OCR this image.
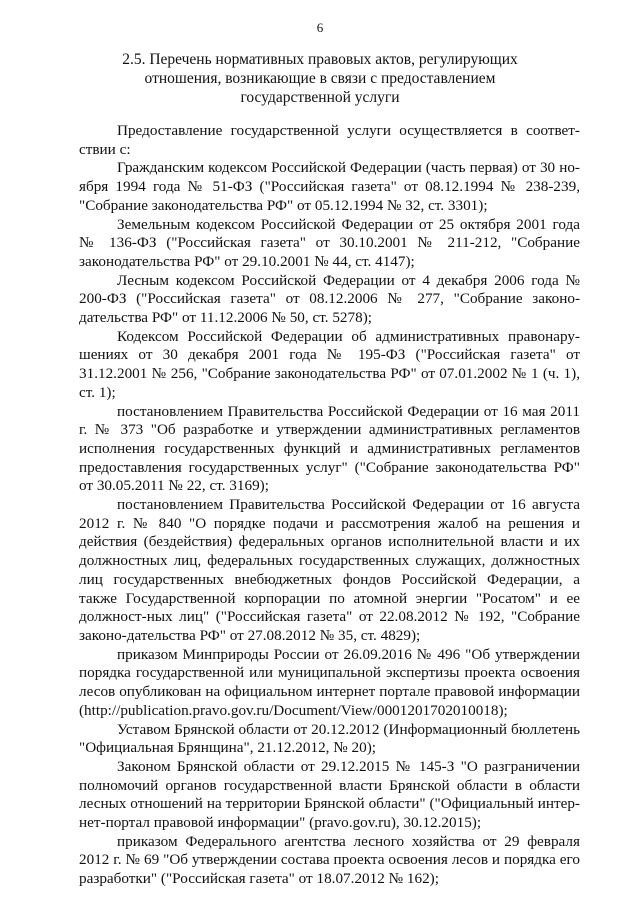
6
2.5. Перечень нормативных правовых актов, регулирующих
отношения, возникающие в связи с предоставлением
государственной услуги

Предоставление государственной услуги осуществляется в соответ-ствии с:

Гражданским кодексом Российской Федерации (часть первая) от 30 но-ября 1994 года № 51-ФЗ ("Российская газета" от 08.12.1994 № 238-239, "Собрание законодательства РФ" от 05.12.1994 № 32, ст. 3301);

Земельным кодексом Российской Федерации от 25 октября 2001 года № 136-ФЗ ("Российская газета" от 30.10.2001 № 211-212, "Собрание законодательства РФ" от 29.10.2001 № 44, ст. 4147);

Лесным кодексом Российской Федерации от 4 декабря 2006 года № 200-ФЗ ("Российская газета" от 08.12.2006 № 277, "Собрание законо-дательства РФ" от 11.12.2006 № 50, ст. 5278);

Кодексом Российской Федерации об административных правонару-шениях от 30 декабря 2001 года № 195-ФЗ ("Российская газета" от 31.12.2001 № 256, "Собрание законодательства РФ" от 07.01.2002 № 1 (ч. 1), ст. 1);

постановлением Правительства Российской Федерации от 16 мая 2011 г. № 373 "Об разработке и утверждении административных регламентов исполнения государственных функций и административных регламентов предоставления государственных услуг" ("Собрание законодательства РФ" от 30.05.2011 № 22, ст. 3169);

постановлением Правительства Российской Федерации от 16 августа 2012 г. № 840 "О порядке подачи и рассмотрения жалоб на решения и действия (бездействия) федеральных органов исполнительной власти и их должностных лиц, федеральных государственных служащих, должностных лиц государственных внебюджетных фондов Российской Федерации, а также Государственной корпорации по атомной энергии "Росатом" и ее должност-ных лиц" ("Российская газета" от 22.08.2012 № 192, "Собрание законо-дательства РФ" от 27.08.2012 № 35, ст. 4829);

приказом Минприроды России от 26.09.2016 № 496 "Об утверждении порядка государственной или муниципальной экспертизы проекта освоения лесов опубликован на официальном интернет портале правовой информации (http://publication.pravo.gov.ru/Document/View/0001201702010018);

Уставом Брянской области от 20.12.2012 (Информационный бюллетень "Официальная Брянщина", 21.12.2012, № 20);

Законом Брянской области от 29.12.2015 № 145-З "О разграничении полномочий органов государственной власти Брянской области в области лесных отношений на территории Брянской области" ("Официальный интер-нет-портал правовой информации" (pravo.gov.ru), 30.12.2015);

приказом Федерального агентства лесного хозяйства от 29 февраля 2012 г. № 69 "Об утверждении состава проекта освоения лесов и порядка его разработки" ("Российская газета" от 18.07.2012 № 162);
